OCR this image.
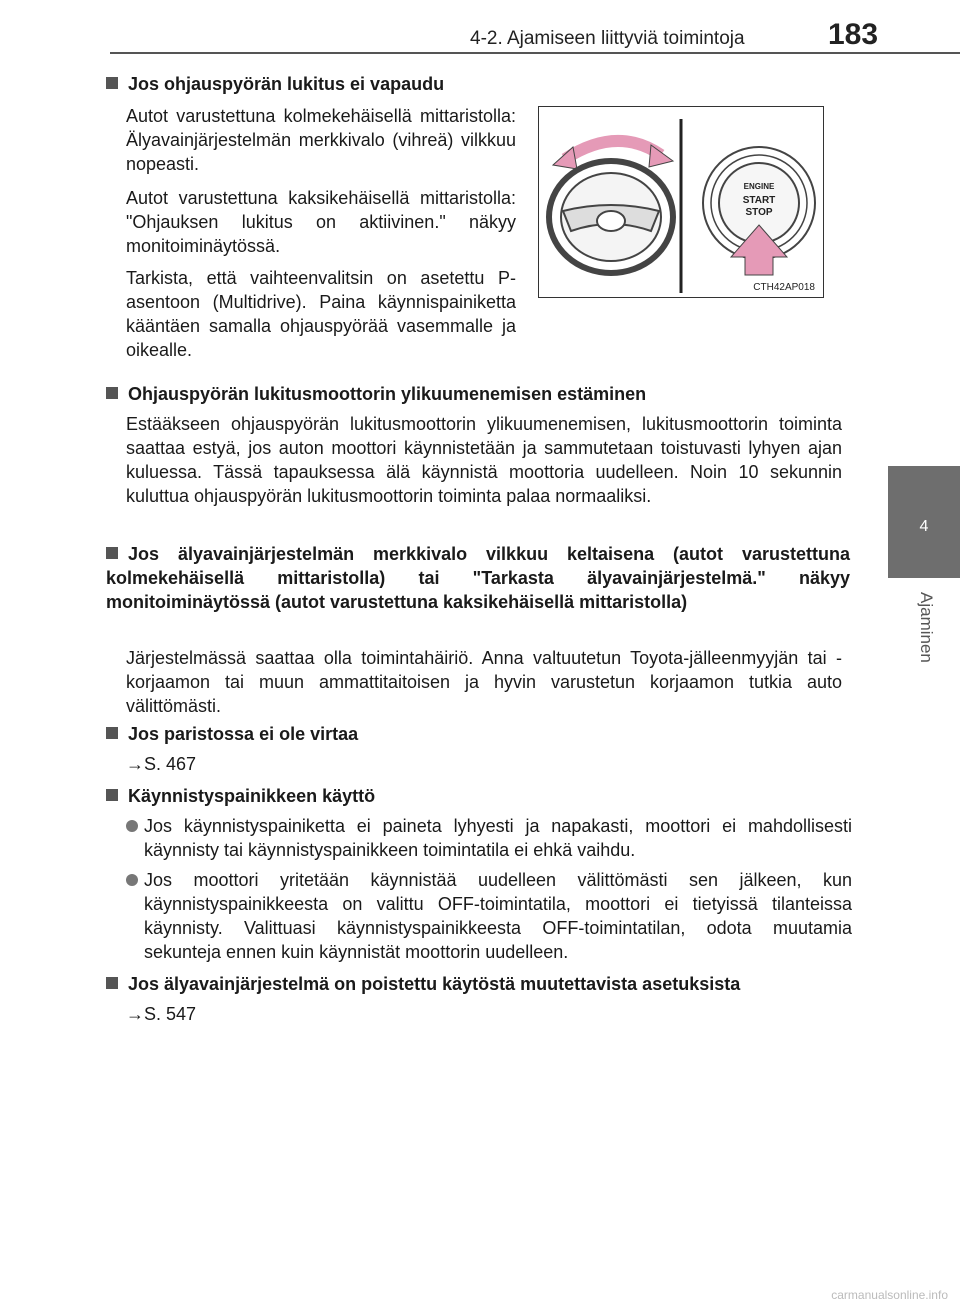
4-2. Ajamiseen liittyviä toimintoja	183
4
Ajaminen
Jos ohjauspyörän lukitus ei vapaudu
Autot varustettuna kolmekehäisellä mittaristolla: Älyavainjärjestelmän merkkivalo (vihreä) vilkkuu nopeasti.
Autot varustettuna kaksikehäisellä mittaristolla: "Ohjauksen lukitus on aktiivinen." näkyy monitoiminäytössä.
Tarkista, että vaihteenvalitsin on asetettu P-asentoon (Multidrive). Paina käynnispainiketta kääntäen samalla ohjauspyörää vasemmalle ja oikealle.
ENGINE
START
STOP
CTH42AP018
Ohjauspyörän lukitusmoottorin ylikuumenemisen estäminen
Estääkseen ohjauspyörän lukitusmoottorin ylikuumenemisen, lukitusmoottorin toiminta saattaa estyä, jos auton moottori käynnistetään ja sammutetaan toistuvasti lyhyen ajan kuluessa. Tässä tapauksessa älä käynnistä moottoria uudelleen. Noin 10 sekunnin kuluttua ohjauspyörän lukitusmoottorin toiminta palaa normaaliksi.
Jos älyavainjärjestelmän merkkivalo vilkkuu keltaisena (autot varustettuna kolmekehäisellä mittaristolla) tai "Tarkasta älyavainjärjestelmä." näkyy monitoiminäytössä (autot varustettuna kaksikehäisellä mittaristolla)
Järjestelmässä saattaa olla toimintahäiriö. Anna valtuutetun Toyota-jälleenmyyjän tai -korjaamon tai muun ammattitaitoisen ja hyvin varustetun korjaamon tutkia auto välittömästi.
Jos paristossa ei ole virtaa
→S. 467
Käynnistyspainikkeen käyttö
Jos käynnistyspainiketta ei paineta lyhyesti ja napakasti, moottori ei mahdollisesti käynnisty tai käynnistyspainikkeen toimintatila ei ehkä vaihdu.
Jos moottori yritetään käynnistää uudelleen välittömästi sen jälkeen, kun käynnistyspainikkeesta on valittu OFF-toimintatila, moottori ei tietyissä tilanteissa käynnisty. Valittuasi käynnistyspainikkeesta OFF-toimintatilan, odota muutamia sekunteja ennen kuin käynnistät moottorin uudelleen.
Jos älyavainjärjestelmä on poistettu käytöstä muutettavista asetuksista
→S. 547
carmanualsonline.info
